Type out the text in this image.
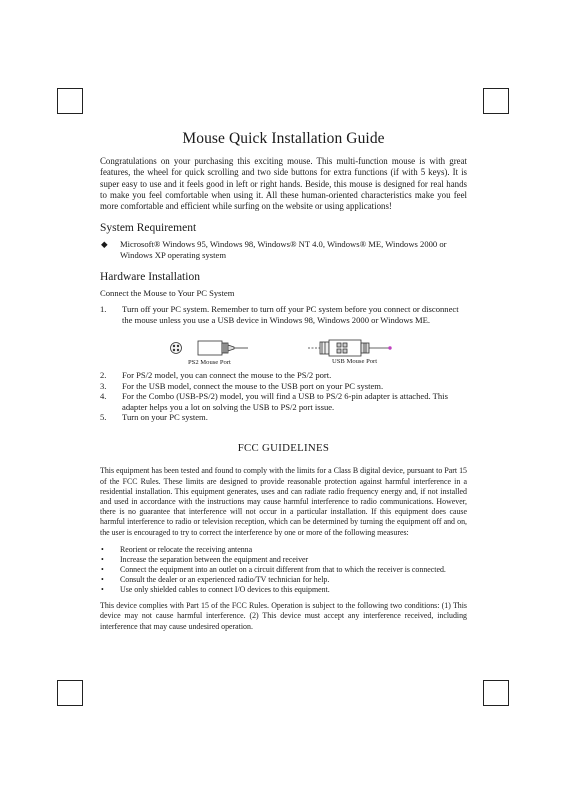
Mouse Quick Installation Guide

Congratulations on your purchasing this exciting mouse. This multi-function mouse is with great features, the wheel for quick scrolling and two side buttons for extra functions (if with 5 keys). It is super easy to use and it feels good in left or right hands. Beside, this mouse is designed for real hands to make you feel comfortable when using it. All these human-oriented characteristics make you feel more comfortable and efficient while surfing on the website or using applications!

System Requirement
◆ Microsoft® Windows 95, Windows 98, Windows® NT 4.0, Windows® ME, Windows 2000 or Windows XP operating system
Hardware Installation

Connect the Mouse to Your PC System

1. Turn off your PC system. Remember to turn off your PC system before you connect or disconnect the mouse unless you use a USB device in Windows 98, Windows 2000 or Windows ME.
PS2 Mouse Port	USB Mouse Port
2. For PS/2 model, you can connect the mouse to the PS/2 port.
3. For the USB model, connect the mouse to the USB port on your PC system.
4. For the Combo (USB-PS/2) model, you will find a USB to PS/2 6-pin adapter is attached. This adapter helps you a lot on solving the USB to PS/2 port issue.
5. Turn on your PC system.
FCC GUIDELINES

This equipment has been tested and found to comply with the limits for a Class B digital device, pursuant to Part 15 of the FCC Rules. These limits are designed to provide reasonable protection against harmful interference in a residential installation. This equipment generates, uses and can radiate radio frequency energy and, if not installed and used in accordance with the instructions may cause harmful interference to radio communications. However, there is no guarantee that interference will not occur in a particular installation. If this equipment does cause harmful interference to radio or television reception, which can be determined by turning the equipment off and on, the user is encouraged to try to correct the interference by one or more of the following measures:

• Reorient or relocate the receiving antenna
• Increase the separation between the equipment and receiver
• Connect the equipment into an outlet on a circuit different from that to which the receiver is connected.
• Consult the dealer or an experienced radio/TV technician for help.
• Use only shielded cables to connect I/O devices to this equipment.

This device complies with Part 15 of the FCC Rules. Operation is subject to the following two conditions: (1) This device may not cause harmful interference. (2) This device must accept any interference received, including interference that may cause undesired operation.
